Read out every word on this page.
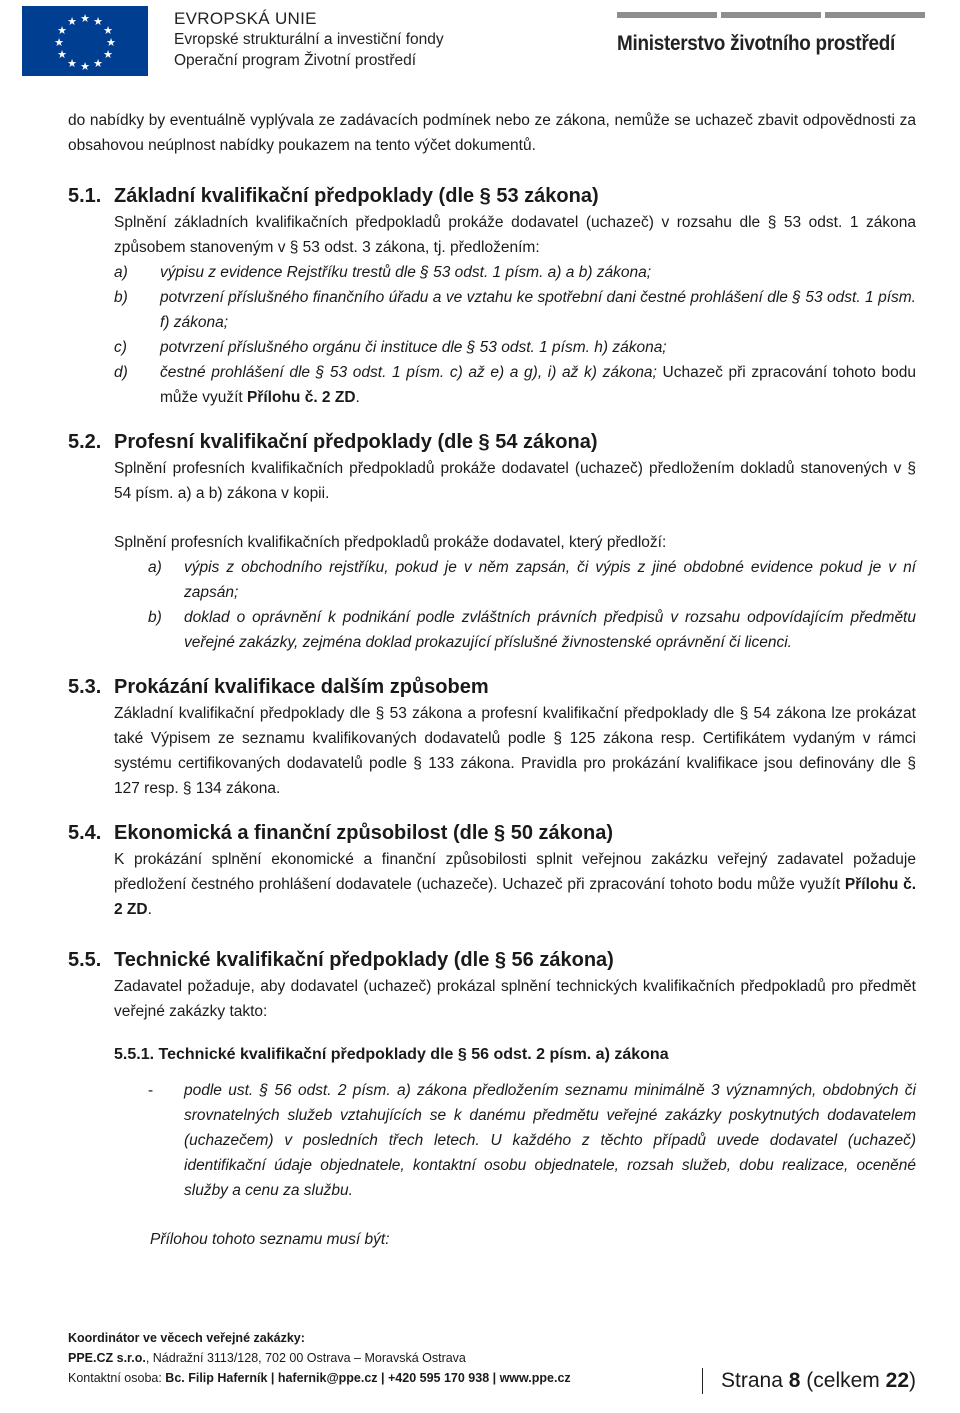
★ ★
★
★
★
★
★
★
★
★
★
★	EVROPSKÁ UNIE
Evropské strukturální a investiční fondy
Operační program Životní prostředí
Ministerstvo životního prostředí

do nabídky by eventuálně vyplývala ze zadávacích podmínek nebo ze zákona, nemůže se uchazeč zbavit odpovědnosti za obsahovou neúplnost nabídky poukazem na tento výčet dokumentů.

5.1. Základní kvalifikační předpoklady (dle § 53 zákona)

Splnění základních kvalifikačních předpokladů prokáže dodavatel (uchazeč) v rozsahu dle § 53 odst. 1 zákona způsobem stanoveným v § 53 odst. 3 zákona, tj. předložením:

a) výpisu z evidence Rejstříku trestů dle § 53 odst. 1 písm. a) a b) zákona;
b) potvrzení příslušného finančního úřadu a ve vztahu ke spotřební dani čestné prohlášení dle § 53 odst. 1 písm. f) zákona;
c) potvrzení příslušného orgánu či instituce dle § 53 odst. 1 písm. h) zákona;
d) čestné prohlášení dle § 53 odst. 1 písm. c) až e) a g), i) až k) zákona; Uchazeč při zpracování tohoto bodu může využít Přílohu č. 2 ZD.
5.2. Profesní kvalifikační předpoklady (dle § 54 zákona)

Splnění profesních kvalifikačních předpokladů prokáže dodavatel (uchazeč) předložením dokladů stanovených v § 54 písm. a) a b) zákona v kopii.

Splnění profesních kvalifikačních předpokladů prokáže dodavatel, který předloží:

a) výpis z obchodního rejstříku, pokud je v něm zapsán, či výpis z jiné obdobné evidence pokud je v ní zapsán;
b) doklad o oprávnění k podnikání podle zvláštních právních předpisů v rozsahu odpovídajícím předmětu veřejné zakázky, zejména doklad prokazující příslušné živnostenské oprávnění či licenci.
5.3. Prokázání kvalifikace dalším způsobem

Základní kvalifikační předpoklady dle § 53 zákona a profesní kvalifikační předpoklady dle § 54 zákona lze prokázat také Výpisem ze seznamu kvalifikovaných dodavatelů podle § 125 zákona resp. Certifikátem vydaným v rámci systému certifikovaných dodavatelů podle § 133 zákona. Pravidla pro prokázání kvalifikace jsou definovány dle § 127 resp. § 134 zákona.

5.4. Ekonomická a finanční způsobilost (dle § 50 zákona)

K prokázání splnění ekonomické a finanční způsobilosti splnit veřejnou zakázku veřejný zadavatel požaduje předložení čestného prohlášení dodavatele (uchazeče). Uchazeč při zpracování tohoto bodu může využít Přílohu č. 2 ZD.

5.5. Technické kvalifikační předpoklady (dle § 56 zákona)

Zadavatel požaduje, aby dodavatel (uchazeč) prokázal splnění technických kvalifikačních předpokladů pro předmět veřejné zakázky takto:

5.5.1. Technické kvalifikační předpoklady dle § 56 odst. 2 písm. a) zákona
- podle ust. § 56 odst. 2 písm. a) zákona předložením seznamu minimálně 3 významných, obdobných či srovnatelných služeb vztahujících se k danému předmětu veřejné zakázky poskytnutých dodavatelem (uchazečem) v posledních třech letech. U každého z těchto případů uvede dodavatel (uchazeč) identifikační údaje objednatele, kontaktní osobu objednatele, rozsah služeb, dobu realizace, oceněné služby a cenu za službu.

Přílohou tohoto seznamu musí být:

Koordinátor ve věcech veřejné zakázky:
PPE.CZ s.r.o., Nádražní 3113/128, 702 00 Ostrava – Moravská Ostrava
Kontaktní osoba: Bc. Filip Haferník | hafernik@ppe.cz | +420 595 170 938 | www.ppe.cz	Strana 8 (celkem 22)
